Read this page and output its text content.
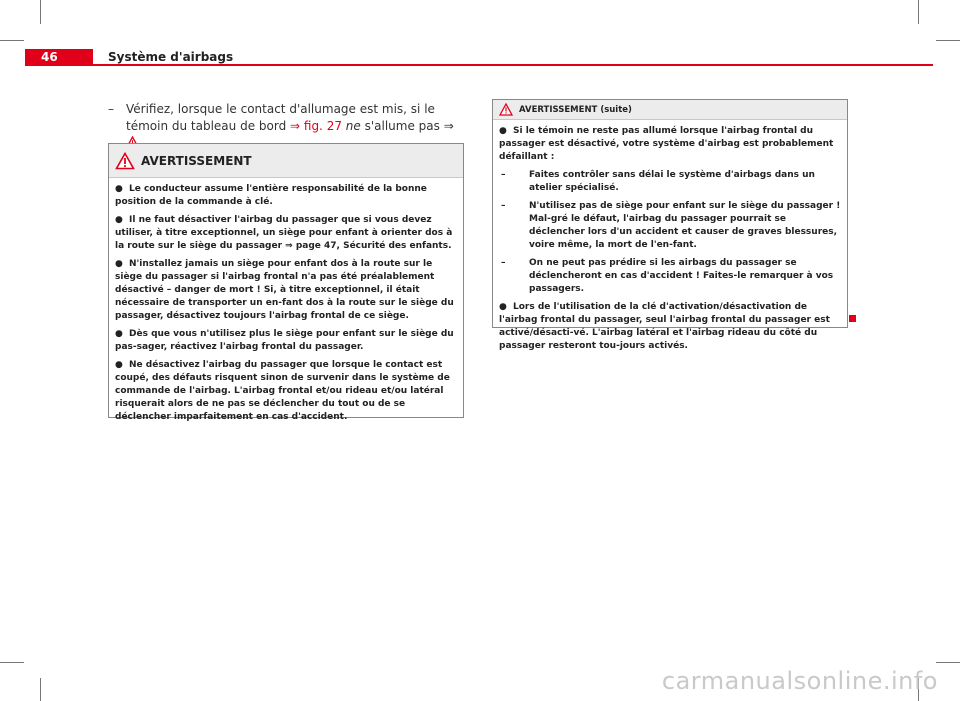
46	Système d'airbags
– Vérifiez, lorsque le contact d'allumage est mis, si le témoin du tableau de bord ⇒ fig. 27 ne s'allume pas ⇒
AVERTISSEMENT

● Le conducteur assume l'entière responsabilité de la bonne position de la commande à clé.

● Il ne faut désactiver l'airbag du passager que si vous devez utiliser, à titre exceptionnel, un siège pour enfant à orienter dos à la route sur le siège du passager ⇒ page 47, Sécurité des enfants.

● N'installez jamais un siège pour enfant dos à la route sur le siège du passager si l'airbag frontal n'a pas été préalablement désactivé – danger de mort ! Si, à titre exceptionnel, il était nécessaire de transporter un en-fant dos à la route sur le siège du passager, désactivez toujours l'airbag frontal de ce siège.

● Dès que vous n'utilisez plus le siège pour enfant sur le siège du pas-sager, réactivez l'airbag frontal du passager.

● Ne désactivez l'airbag du passager que lorsque le contact est coupé, des défauts risquent sinon de survenir dans le système de commande de l'airbag. L'airbag frontal et/ou rideau et/ou latéral risquerait alors de ne pas se déclencher du tout ou de se déclencher imparfaitement en cas d'accident.

AVERTISSEMENT (suite)

● Si le témoin ne reste pas allumé lorsque l'airbag frontal du passager est désactivé, votre système d'airbag est probablement défaillant :

–	Faites contrôler sans délai le système d'airbags dans un atelier spécialisé.

–	N'utilisez pas de siège pour enfant sur le siège du passager ! Mal-gré le défaut, l'airbag du passager pourrait se déclencher lors d'un accident et causer de graves blessures, voire même, la mort de l'en-fant.

–	On ne peut pas prédire si les airbags du passager se déclencheront en cas d'accident ! Faites-le remarquer à vos passagers.

● Lors de l'utilisation de la clé d'activation/désactivation de l'airbag frontal du passager, seul l'airbag frontal du passager est activé/désacti-vé. L'airbag latéral et l'airbag rideau du côté du passager resteront tou-jours activés.

carmanualsonline.info
